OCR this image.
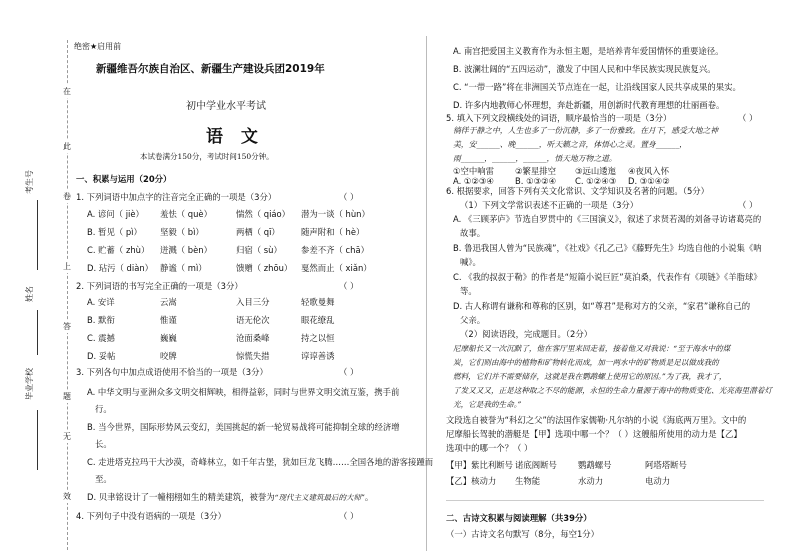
在
此
卷
上
答
题
无
效
考生号
姓名
毕业学校
绝密★启用前
新疆维吾尔族自治区、新疆生产建设兵团2019年
初中学业水平考试
语 文
本试卷满分150分，考试时间150分钟。
一、积累与运用（20分）
1. 下列词语中加点字的注音完全正确的一项是（3分）	（ ）
A. 谚问（ jiè） 羞怯（ què）	惴然（ qiáo） 潜为一谈（ hùn）
B. 暂见（ pì） 坚毅（ bì）	两栖（ qī）	随声附和（ hè）
C. 贮蓄（ zhù） 迸溅（ bèn）	归宿（ sù） 参差不齐（ chā）
D. 玷污（ diàn） 静谧（ mì）	馈赠（ zhōu） 戛然而止（ xiǎn）
2. 下列词语的书写完全正确的一项是（3分）	（ ）
A. 安详	云嵩	入目三分	轻歌曼舞
B. 默衔	惟谨	语无伦次	眼花缭乱
C. 震撼	巍巍	沧面桑峰	持之以恒
D. 妥帖	咬牌	惊慌失措	谆谆善诱
3. 下列各句中加点成语使用不恰当的一项是（3分）	（ ）
A. 中华文明与亚洲众多文明交相辉映，相得益彰，同时与世界文明交流互鉴，携手前
行。
B. 当今世界，国际形势风云变幻，美国挑起的新一轮贸易战将可能抑制全球的经济增
长。
C. 走进塔克拉玛干大沙漠，奇峰林立，如千年古堡，犹如巨龙飞腾……全国各地的游客接踵而
至。
D. 贝聿铭设计了一幢栩栩如生的精美建筑，被誉为“现代主义建筑最后的大师”。
4. 下列句子中没有语病的一项是（3分）	（ ）
A. 南宫把爱国主义教育作为永恒主题，是培养青年爱国情怀的重要途径。
B. 波澜壮阔的“五四运动”，激发了中国人民和中华民族实现民族复兴。
C. “一带一路”将在非洲国关节点连在一起，让沿线国家人民共享成果的果实。
D. 许多内地教师心怀理想，奔赴新疆，用创新时代教育理想的壮丽画卷。
5. 填入下列文段横线处的词语，顺序最恰当的一项是（3分）	（ ）
徜徉于静之中，人生也多了一份沉静，多了一份雅致。在月下，感受大地之神
美，安______、晚______，听天籁之音，体悟心之灵。置身______，
雨______，______，______，悟天地万物之道。
①空中响雷 ②繁星排空 ③远山逶迤 ④夜风入怀
A. ①②③④	B. ①③②④ C. ①②④③ D. ③①④②
6. 根据要求，回答下列有关文化常识、文学知识及名著的问题。（5分）
（1）下列文学常识表述不正确的一项是（3分）	（ ）
A. 《三顾茅庐》节选自罗贯中的《三国演义》，叙述了求贤若渴的刘备寻访诸葛亮的
故事。
B. 鲁迅我国人曾为“民族魂”，《社戏》《孔乙己》《藤野先生》均选自他的小说集《呐
喊》。
C. 《我的叔叔于勒》的作者是“短篇小说巨匠”莫泊桑，代表作有《项链》《羊脂球》
等。
D. 古人称谓有谦称和尊称的区别，如“尊君”是称对方的父亲，“家君”谦称自己的
父亲。
（2）阅读语段，完成题目。（2分）
尼摩船长又一次沉默了，他在客厅里来回走着，接着他又对我说：“至于海水中的煤
炭，它们则由海中的植物和矿物转化而成，加一两水中的矿物质是足以做成我的
燃料，它们并不需要储存，这就是我在鹦鹉螺上使用它的原因。”为了我，我才了，
了发又又又，正是这种取之不尽的能源，永恒的生命力量源于海中的物质变化、光亮海里潜着灯
光，它是我的生命。”
文段选自被誉为“科幻之父”的法国作家儒勒·凡尔纳的小说《海底两万里》。文中的
尼摩船长驾驶的潜艇是【甲】选项中哪一个？（ ）这艘船所使用的动力是【乙】
选项中的哪一个？（ ）
【甲】紫比利断号 诺底阁断号	鹦鹉螺号	阿塔塔断号
【乙】核动力 生物能	水动力	电动力
二、古诗文积累与阅读理解（共39分）
（一）古诗文名句默写（8分，每空1分）
